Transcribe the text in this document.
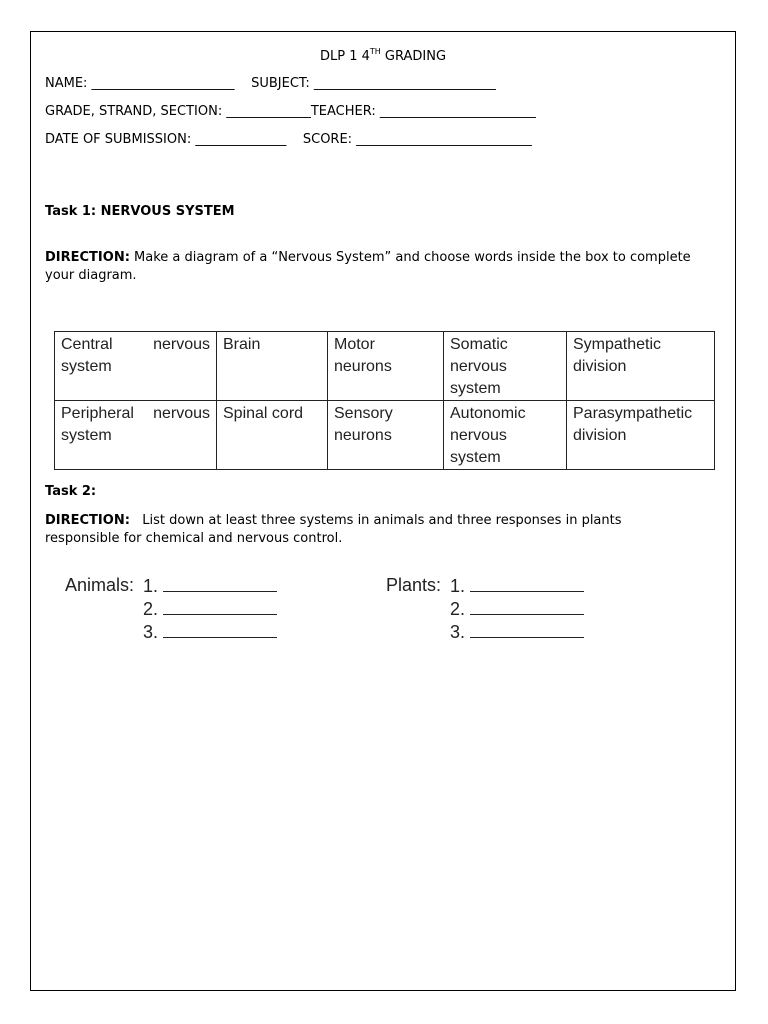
DLP 1 4TH GRADING
NAME: ______________________    SUBJECT: ____________________________
GRADE, STRAND, SECTION: _____________TEACHER: ________________________
DATE OF SUBMISSION: ______________    SCORE: ___________________________
Task 1: NERVOUS SYSTEM
DIRECTION: Make a diagram of a “Nervous System” and choose words inside the box to complete your diagram.
Central nervous
system	Brain	Motor neurons	Somatic nervous system	Sympathetic division
Peripheral nervous
system	Spinal cord	Sensory neurons	Autonomic nervous system	Parasympathetic division
Task 2:
DIRECTION:   List down at least three systems in animals and three responses in plants responsible for chemical and nervous control.
Animals: 1.
2.
3.
Plants: 1.
2.
3.
